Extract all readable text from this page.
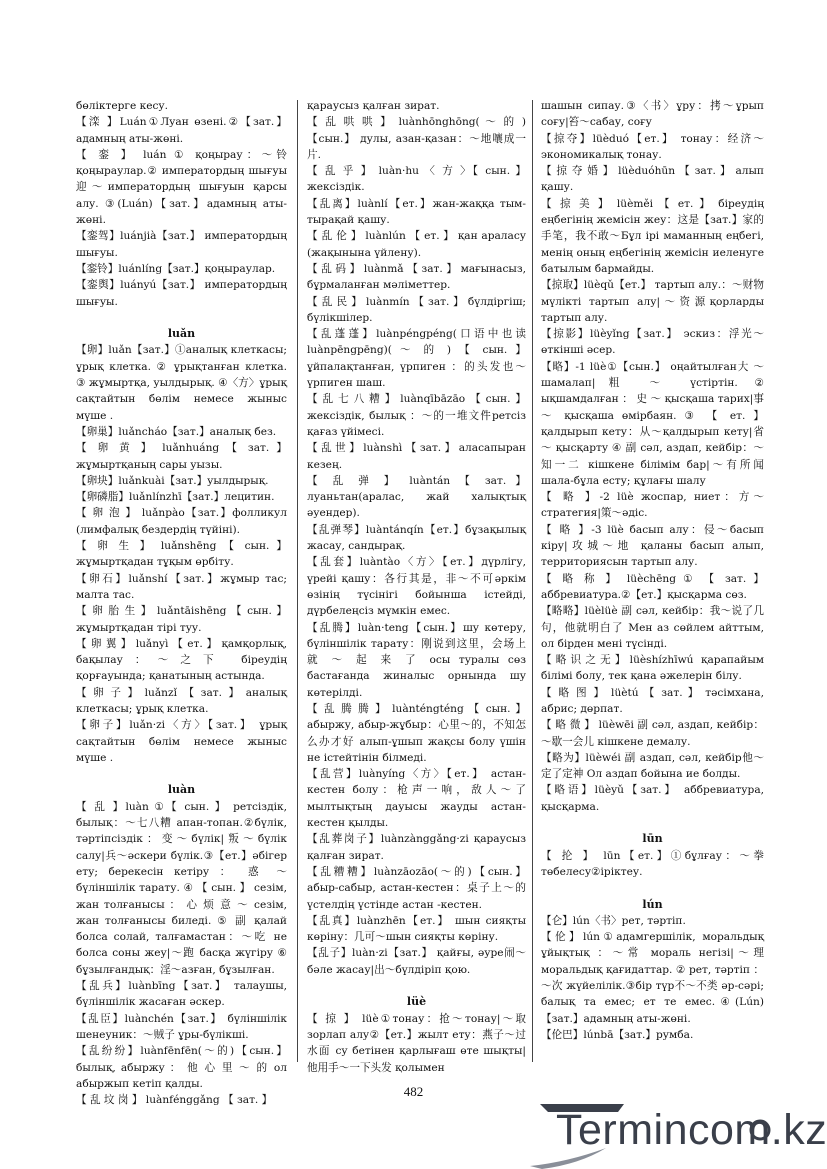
бөліктерге кесу.

【滦 】Luán①Луан өзені.②【зат.】адамның аты-жөні.

【 銮 】 luán ① қоңырау：～铃қоңыраулар.② императордың шығуы 迎～императордың шығуын қарсы алу. ③(Luán)【зат.】адамның аты-жөні.

【銮驾】luánjià【зат.】 императордың шығуы.

【銮铃】luánlíng【зат.】қоңыраулар.

【銮舆】luányú【зат.】 императордың шығуы.

luǎn

【卵】luǎn【зат.】①аналық клеткасы; ұрық клетка. ② ұрықтанған клетка. ③ жұмыртқа, уылдырық. ④〈方〉ұрық сақтайтын бөлім немесе жыныс мүше .

【卵巢】luǎncháo【зат.】аналық без.

【 卵 黄 】 luǎnhuáng 【 зат. 】 жұмыртқаның сары уызы.

【卵块】luǎnkuài【зат.】уылдырық.

【卵磷脂】luǎnlínzhī【зат.】лецитин.

【 卵 泡 】 luǎnpào【зат.】фолликул (лимфалық бездердің түйіні).

【 卵 生 】 luǎnshēng 【 сын. 】 жұмыртқадан тұқым өрбіту.

【卵石】luǎnshí【зат.】жұмыр тас; малта тас.

【 卵 胎 生 】 luǎntāishēng 【 сын. 】 жұмыртқадан тірі туу.

【 卵 翼 】 luǎnyì 【 ет. 】 қамқорлық, бақылау：～之下 біреудің қорғауында; қанатының астында.

【卵子】luǎnzǐ【зат.】аналық клеткасы; ұрық клетка.

【卵子】luǎn·zi〈方〉【зат.】 ұрық сақтайтын бөлім немесе жыныс мүше .

luàn

【 乱 】luàn ①【 сын. 】 ретсіздік, былық：～七八糟 апан-топан.②бүлік, тәртіпсіздік：变～бүлік|叛～бүлік салу|兵～әскери бүлік.③【ет.】әбігер ету; берекесін кетіру ： 惑 ～ бүлiншілік тарату. ④ 【 сын. 】 сезім, жан толғанысы ： 心 烦 意 ～ сезім, жан толғанысы биледі. ⑤ 副 қалай болса солай, талғамастан：～吃 не болса соны жеу|～跑 басқа жүгіру ⑥ бұзылғандық：淫～азған, бұзылған.

【乱兵】luànbīng【зат.】 талаушы, бүлiншілік жасаған әскер.

【乱臣】luànchén【зат.】 бүлiншілік шенеуник：～贼子 ұры-бүлікші.

【乱纷纷】luànfēnfēn(～的)【сын.】 былық, абыржу ： 他 心 里 ～ 的 ол абыржып кетіп қалды.

【 乱 坟 岗 】 luànfénggǎng 【 зат. 】

қараусыз қалған зират.

【 乱 哄 哄 】 luànhōnghōng( ～ 的 ) 【сын.】 дулы, азан-қазан：～地嚷成一片.

【 乱 乎 】 luàn·hu 〈 方 〉【 сын. 】 жексіздік.

【乱离】luànlí【ет.】жан-жаққа тым-тырақай қашу.

【 乱 伦 】 luànlún 【 ет. 】 қан араласу (жақынына үйлену).

【乱码】luànmǎ【зат.】мағынасыз, бұрмаланған мәліметтер.

【 乱 民 】 luànmín 【 зат. 】 бүлдіргіш; бүлікшілер.

【乱蓬蓬】luànpéngpéng(口语中也读luànpēngpēng)( ～ 的 ) 【 сын. 】 ұйпалақтанған, үрпиген ：的头发也～ үрпиген шаш.

【乱七八糟】luànqībāzāo【сын.】 жексіздік, былық ：～的一堆文件ретсіз қағаз үйімесі.

【乱世】luànshì【зат.】аласапыран кезең.

【 乱 弹 】 luàntán 【 зат. 】 луаньтан(аралас, жай халықтық әуендер).

【乱弹琴】luàntánqín【ет.】бұзақылық жасау, сандырақ.

【乱套】luàntào〈方〉【ет.】дүрлігу, үрейі қашу：各行其是，非～不可әркім өзінің түсінігі бойынша істейді, дүрбелеңсіз мүмкін емес.

【乱腾】luàn·teng【сын.】шу көтеру, бүлiншілік тарату：刚说到这里，会场上 就 ～ 起 来 了 осы туралы сөз бастағанда жиналыс орнында шу көтерілді.

【 乱 腾 腾 】 luànténgténg 【 сын. 】 абыржу, абыр-жұбыр：心里～的，不知怎么办才好 алып-ұшып жақсы болу үшін не істейтінін білмеді.

【乱营】luànyíng〈方〉【ет.】 астан-кестен болу：枪声一响，敌人～了мылтықтың дауысы жауды астан-кестен қылды.

【乱葬岗子】luànzànggǎng·zi қараусыз қалған зират.

【乱糟糟】luànzāozāo(～的)【сын.】абыр-сабыр, астан-кестен：桌子上～的үстелдің үстінде астан -кестен.

【乱真】luànzhēn【ет.】 шын сияқты көріну：几可～шын сияқты көріну.

【乱子】luàn·zi【зат.】 қайғы, әуре闹～бәле жасау|出～бүлдіріп қою.

lüè

【 掠 】 lüè①тонау：抢～тонау|～取зорлап алу②【ет.】жылт ету：燕子～过水面 су бетінен қарлығаш өте шықты|他用手～一下头发 қолымен

шашын сипау.③〈书〉ұру：拷～ұрып соғу|笞～сабау, соғу

【掠夺】lüèduó【ет.】 тонау：经济～экономикалық тонау.

【 掠 夺 婚 】 lüèduóhūn 【 зат. 】 алып қашу.

【 掠 美 】 lüèměi 【 ет. 】 біреудің еңбегінің жемісін жеу：这是【зат.】家的手笔，我不敢～Бұл ірі маманның еңбегі, менің оның еңбегінің жемісін иеленуге батылым бармайды.

【掠取】lüèqǔ【ет.】 тартып алу.：～财物 мүлікті тартып алу|～资源қорларды тартып алу.

【掠影】lüèyǐng【зат.】 эскиз：浮光～өткінші әсер.

【略】-1 lüè①【сын.】 оңайтылған大 ～ шамалап|粗 ～ үстіртін. ② ықшамдалған ： 史 ～ қысқаша тарих|事 ～ қысқаша өмірбаян. ③ 【 ет. 】 қалдырып кету：从～қалдырып кету|省 ～ қысқарту ④ 副 сәл, аздап, кейбір：～知一二 кішкене білімім бар|～有所闻 шала-бұла есту; құлағы шалу

【 略 】-2 lüè жоспар, ниет：方～стратегия|策～әдіс.

【 略 】-3 lüè басып алу：侵～басып кіру|攻城～地 қаланы басып алып, территориясын тартып алу.

【 略 称 】 lüèchēng ① 【 зат. 】 аббревиатура.②【ет.】қысқарма сөз.

【略略】lüèlüè 副 сәл, кейбір：我～说了几句，他就明白了 Мен аз сөйлем айттым, ол бірден мені түсінді.

【略识之无】lüèshízhīwú қарапайым білімі болу, тек қана әжелерін білу.

【 略 图 】 lüètú 【 зат. 】 тәсімхана, абрис; дөрпат.

【 略 微 】 lüèwēi 副 сәл, аздап, кейбір：～歇一会儿 кішкене демалу.

【略为】lüèwéi 副 аздап, сәл, кейбір他～定了定神 Ол аздап бойына ие болды.

【略语】lüèyǔ【зат.】 аббревиатура, қысқарма.

lūn

【 抡 】 lūn【ет.】①бұлғау：～拳 төбелесу②іріктеу.

lún

【仑】lún〈书〉рет, тәртіп.

【伦】lún①адамгершілік, моральдық ұйықтық ：～常 мораль негізі|～理моральдық қағидаттар. ② рет, тәртіп ：～次 жүйелілік.③бір түр不～不类 әр-сәрі; балық та емес; ет те емес.④(Lún)【зат.】адамның аты-жөні.

【伦巴】lúnbā【зат.】румба.

482
Termincom.kz
